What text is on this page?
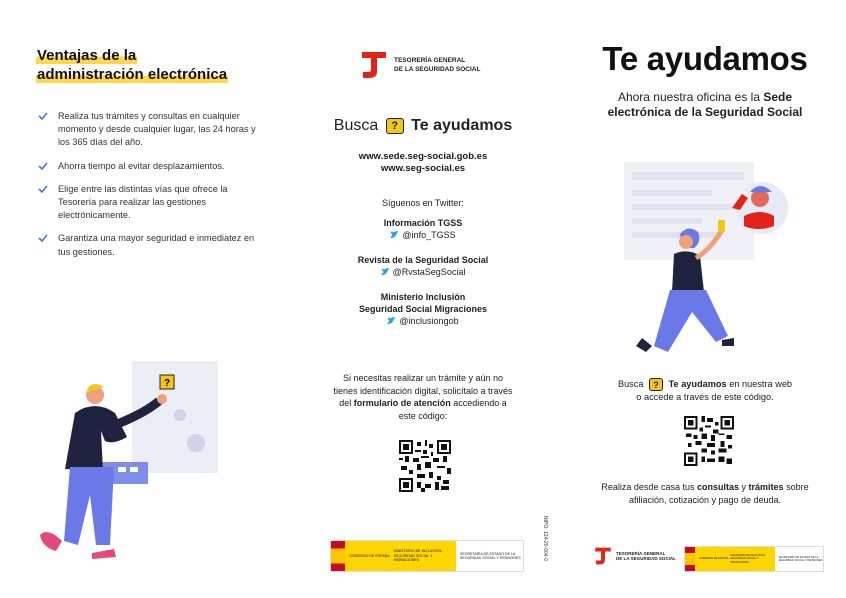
Ventajas de la
administración electrónica
Realiza tus trámites y consultas en cualquier momento y desde cualquier lugar, las 24 horas y los 365 días del año.
Ahorra tiempo al evitar desplazamientos.
Elige entre las distintas vías que ofrece la Tesorería para realizar las gestiones electrónicamente.
Garantiza una mayor seguridad e inmediatez en tus gestiones.
?
TESORERÍA GENERAL
DE LA SEGURIDAD SOCIAL
Busca ? Te ayudamos
www.sede.seg-social.gob.es
www.seg-social.es
Síguenos en Twitter:
Información TGSS
@info_TGSS
Revista de la Seguridad Social
@RvstaSegSocial
Ministerio Inclusión
Seguridad Social Migraciones
@inclusiongob
Si necesitas realizar un trámite y aún no tienes identificación digital, solicítalo a través del formulario de atención accediendo a este código:
NIPO: 124-20-004-0
GOBIERNO DE ESPAÑA
MINISTERIO DE INCLUSIÓN, SEGURIDAD SOCIAL Y MIGRACIONES
SECRETARÍA DE ESTADO DE LA SEGURIDAD SOCIAL Y PENSIONES
Te ayudamos
Ahora nuestra oficina es la Sede
electrónica de la Seguridad Social
Busca ? Te ayudamos en nuestra web
o accede a través de este código.
Realiza desde casa tus consultas y trámites sobre afiliación, cotización y pago de deuda.
TESORERÍA GENERAL
DE LA SEGURIDAD SOCIAL	GOBIERNO DE ESPAÑA
MINISTERIO DE INCLUSIÓN, SEGURIDAD SOCIAL Y MIGRACIONES
SECRETARÍA DE ESTADO DE LA SEGURIDAD SOCIAL Y PENSIONES
